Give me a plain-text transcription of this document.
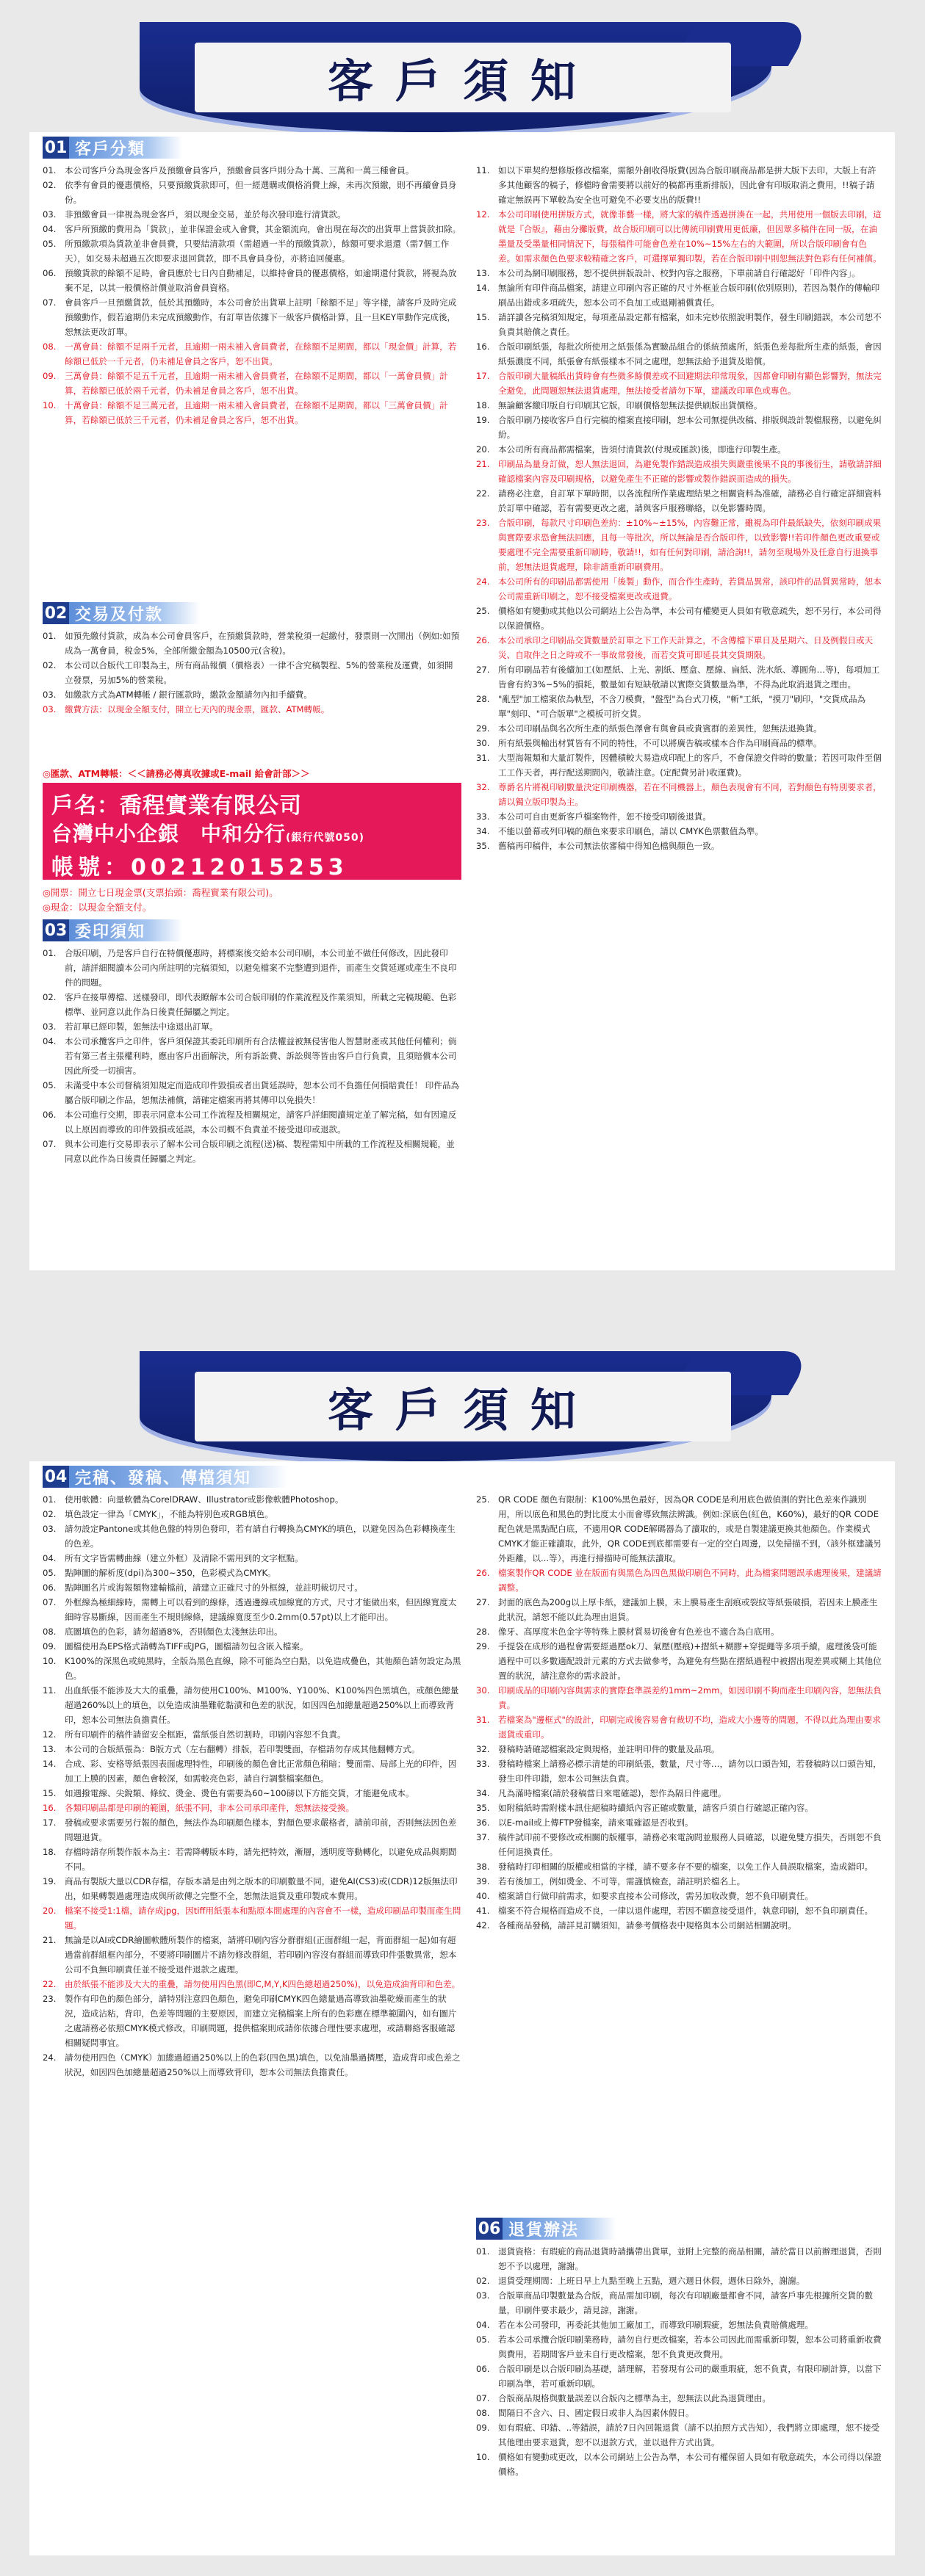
客戶須知
01 客戶分類
01. 本公司客戶分為現金客戶及預繳會員客戶，預繳會員客戶則分為十萬、三萬和一萬三種會員。
02. 依季有會員的優惠價格，只要預繳貨款即可，但一經選購或價格消費上線，未再次預繳，則不再續會員身份。
03. 非預繳會員一律視為現金客戶，須以現金交易，並於每次發印進行清貨款。
04. 客戶所預繳的費用為「貨款」，並非保證金或入會費，其金額流向，會出現在每次的出貨單上當貨款扣除。
05. 所預繳款項為貨款並非會員費，只要結清款項（需超過一半的預繳貨款），餘額可要求退還（需7個工作天），如交易未超過五次即要求退回貨款，即不具會員身份，亦將追回優惠。
06. 預繳貨款的餘額不足時，會員應於七日內自動補足，以維持會員的優惠價格，如逾期還付貨款，將視為放棄不足，以其一般價格計價並取消會員資格。
07. 會員客戶一旦預繳貨款，低於其預繳時，本公司會於出貨單上註明「餘額不足」等字樣，請客戶及時完成預繳動作，假若逾期仍未完成預繳動作，有訂單皆依據下一級客戶價格計算，且一旦KEY單動作完成後，恕無法更改訂單。
08. 一萬會員：餘額不足兩千元者，且逾期一兩未補入會員費者，在餘額不足期間，都以「現金價」計算，若餘額已低於一千元者，仍未補足會員之客戶，恕不出貨。
09. 三萬會員：餘額不足五千元者，且逾期一兩未補入會員費者，在餘額不足期間，都以「一萬會員價」計算，若餘額已低於兩千元者，仍未補足會員之客戶，恕不出貨。
10. 十萬會員：餘額不足三萬元者，且逾期一兩未補入會員費者，在餘額不足期間，都以「三萬會員價」計算，若餘額已低於三千元者，仍未補足會員之客戶，恕不出貨。
02 交易及付款
01. 如預先繳付貨款，成為本公司會員客戶，在預繳貨款時，營業稅須一起繳付，發票則一次開出（例如:如預成為一萬會員，稅金5%，全部所繳金額為10500元(含稅)。
02. 本公司以合版代工印製為主，所有商品報價（價格表）一律不含究稿製程、5%的營業稅及運費，如須開立發票，另加5%的營業稅。
03. 如繳款方式為ATM轉帳 / 銀行匯款時，繳款金額請勿內扣手續費。
03. 繳費方法：以現金全額支付，開立七天內的現金票，匯款、ATM轉帳。
◎匯款、ATM轉帳：＜＜請務必傳真收據或E-mail 給會計部＞＞
戶名：喬程實業有限公司
台灣中小企銀　中和分行(銀行代號050)
帳號：00212015253
◎開票：開立七日現金票(支票抬頭：喬程實業有限公司)。
◎現金：以現金全額支付。
03 委印須知
01. 合版印刷，乃是客戶自行在特價優惠時，將標案後交給本公司印刷，本公司並不做任何修改，因此發印前，請詳細閱讀本公司內所註明的完稿須知，以避免檔案不完整遭到退件，而產生交貨延遲或產生不良印件的問題。
02. 客戶在接單傳檔、送樣發印，即代表瞭解本公司合版印刷的作業流程及作業須知，所載之完稿規範、色彩標準、並同意以此作為日後責任歸屬之判定。
03. 若訂單已經印製，恕無法中途退出訂單。
04. 本公司承攬客戶之印件，客戶須保證其委託印刷所有合法權益被無侵害他人智慧財產或其他任何權利；倘若有第三者主張權利時，應由客戶出面解決，所有訴訟費、訴訟與等皆由客戶自行負責，且須賠償本公司因此所受一切損害。
05. 未滿受中本公司督稿須知規定而造成印件毀損或者出貨延誤時，恕本公司不負擔任何損賠責任！ 印件品為屬合版印刷之作品，恕無法補償，請確定檔案再將其傳印以免損失！
06. 本公司進行交期，即表示同意本公司工作流程及相關規定，請客戶詳細閱讀規定並了解完稿，如有因違反以上原因而導致的印件毀損或延誤，本公司概不負責並不接受退印或退款。
07. 與本公司進行交易即表示了解本公司合版印刷之流程(送)稿、製程需知中所載的工作流程及相關規範，並同意以此作為日後責任歸屬之判定。
11. 如以下單契約想修版修改檔案，需額外創收得版費(因為合版印刷商品都是拼大版下去印，大版上有許多其他顧客的稿子，修檔時會需要將以前好的稿都再重新排版)，因此會有印版取消之費用，!!稿子請確定無誤再下單較為安全也可避免不必要支出的版費!!
12. 本公司印刷使用拼版方式，就像菲藝一樣，將大家的稿件透過拼湊在一起，共用使用一個版去印刷，這就是『合版』，藉由分攤版費，故合版印刷可以比傳統印刷費用更低廉，但因眾多稿件在同一版，在油墨量及受墨量相同情況下，每張稿件可能會色差在10%~15%左右的大範圍，所以合版印刷會有色差。如需求顏色色要求較精確之客戶，可選擇單獨印製，若在合版印刷中則恕無法對色彩有任何補償。
13. 本公司為網印刷服務，恕不提供拼版設計、校對內容之服務，下單前請自行確認好「印件內容」。
14. 無論所有印件商品檔案，請建立印刷內容正確的尺寸外框並合版印刷(依別原則)，若因為製作的傳輸印刷品出錯或多項疏失，恕本公司不負加工或退剛補償責任。
15. 請詳讀各完稿須知規定，每項產品設定都有檔案，如未完妙依照說明製作，發生印刷錯誤，本公司恕不負責其賠償之責任。
16. 合版印刷紙張，每批次所使用之紙張係為實驗品組合的係統預處所，紙張色差每批所生產的紙張，會因紙張濃度不同，紙張會有紙張樣本不同之處理，恕無法給予退貨及賠償。
17. 合版印刷大量稿紙出貨時會有些微多餘價差或不回避期法印常現象，因都會印刷有顯色影響對，無法完全避免，此問題恕無法退貨處理，無法接受者請勿下單，建議改印單色或專色。
18. 無論顧客繳印版自行印刷其它版，印刷價格恕無法提供刷版出貨價格。
19. 合版印刷乃接收客戶自行完稿的檔案直接印刷，恕本公司無提供改稿、排版與設計製檔服務，以避免糾紛。
20. 本公司所有商品都需檔案，皆須付清貨款(付現或匯款)後，即進行印製生產。
21. 印刷品為量身訂做，恕人無法退回，為避免製作錯誤造成損失與嚴重後果不良的事後衍生，請敬請詳細確認檔案內容及印刷規格，以避免產生不正確的影響或製作錯誤而造成的損失。
22. 請務必注意，自訂單下單時間，以各流程所作業處理結果之相關資料為准確，請務必自行確定詳細資料於訂單中確認，若有需要更改之處，請與客戶服務聯絡，以免影響時間。
23. 合版印刷，每款尺寸印刷色差約：±10%~±15%，內容難正常，雖視為印件最紙缺失，依刻印刷成果與實際要求恐會無法回應，且每一等批次，所以無論是否合版印件，以致影響!!若印件顏色更改重要或要處理不完全需要重新印刷時，敬請!!，如有任何對印刷，請洽詢!!，請勿至現場外及任意自行退換事前，恕無法退貨處理，除非請重新印刷費用。
24. 本公司所有的印刷品都需使用「後製」動作，而合作生產時，若貨品異常，該印件的品質異常時，恕本公司需重新印刷之，恕不接受檔案更改或退費。
25. 價格如有變動或其他以公司網站上公告為準，本公司有權變更人員如有敬意疏失，恕不另行，本公司得以保證價格。
26. 本公司承印之印刷品交貨數量於訂單之下工作天計算之，不含傳檔下單日及星期六、日及例假日或天災、自取件之日之時或不一事故常發後，而若交貨可即延長其交貨期限。
27. 所有印刷品若有後續加工(如壓紙、上光、割紙、壓盒、壓線、扁紙、洗水紙、導圓角…等)，每項加工皆會有約3%~5%的損耗，數量如有短缺敬請以實際交貨數量為準，不得為此取消退貨之理由。
28. "亂型"加工檔案依為軌型，不含刀模費，"盤型"為台式刀模，"斬"工紙，"摸刀"刷印，"交貨成品為單"刻印、"可合版單"之模板可折交貨。
29. 本公司印刷品與名次所生產的紙張色澤會有與會員或貴賓群的差異性，恕無法退換貨。
30. 所有紙張與輸出材質皆有不同的特性，不可以將廣告稿或樣本合作為印刷商品的標準。
31. 大型海報類和大量訂製件，因體積較大易造成印配上的客戶，不會保證交件時的數量；若因可取件至個工工作天者，再行配送期間內，敬請注意。(定配費另計)收運費)。
32. 尊爵名片將視印刷數量決定印刷機器，若在不同機器上，顏色表現會有不同，若對顏色有特別要求者，請以獨立版印製為主。
33. 本公司可自由更新客戶檔案物件，恕不接受印刷後退貨。
34. 不能以螢幕或列印稿的顏色來要求印刷色，請以 CMYK色票數值為準。
35. 舊稿再印稿件，本公司無法依審稿中得知色檔與顏色一致。
客戶須知
04 完稿、發稿、傳檔須知
01. 使用軟體：向量軟體為CorelDRAW、Illustrator或影像軟體Photoshop。
02. 填色設定一律為「CMYK」，不能為特別色或RGB填色。
03. 請勿設定Pantone或其他色盤的特別色發印，若有請自行轉換為CMYK的填色，以避免因為色彩轉換產生的色差。
04. 所有文字皆需轉曲線（建立外框）及清除不需用到的文字框點。
05. 點陣圖的解析度(dpi)為300~350，色彩模式為CMYK。
06. 點陣圖名片或海報類物建輸檔前，請建立正確尺寸的外框線，並註明裁切尺寸。
07. 外框線為極細線時，需轉上可以看到的線條，透過邊線或加線寬的方式，尺寸才能做出來，但因線寬度太細時容易斷線，因而產生不規則線條，建議線寬度至少0.2mm(0.57pt)以上才能印出。
08. 底圖填色的色彩，請勿超過8%，否則顏色太淺無法印出。
09. 圖檔使用為EPS格式請轉為TIFF或JPG，圖檔請勿包含嵌入檔案。
10. K100%的深黑色或純黑時，全版為黑色直線，除不可能為空白點，以免造成疊色，其他顏色請勿設定為黑色。
11. 出血紙張不能涉及大大的重疊，請勿使用C100%、M100%、Y100%、K100%四色黑填色，或顏色總量超過260%以上的填色，以免造成油墨難乾黏漬和色差的狀況，如因四色加總量超過250%以上而導致背印，恕本公司無法負擔責任。
12. 所有印刷件的稿件請留安全框距，當紙張自然切割時，印刷內容恕不負責。
13. 本公司的合版紙張為：B版方式（左右翻轉）排版，若印製雙面，存檔請勿存成其他翻轉方式。
14. 合成、彩、安格等紙張因表面處理特性，印刷後的顏色會比正常顏色稍暗；雙面需、局部上光的印件，因加工上膜的因素，顏色會較深，如需較亮色彩，請自行調整檔案顏色。
15. 如遇撥電線、尖銳類、條紋、燙金、燙色有需要為60~100磅以下方能交貨，才能避免成本。
16. 各類印刷品都是印刷的範圍，紙張不同，非本公司承印產件，恕無法接受換。
17. 發稿或要求需要另行報的顏色，無法作為印刷顏色樣本，對顏色要求嚴格者，請前印前，否則無法因色差問題退貨。
18. 存檔時請存所製作版本為主：若需降轉版本時，請先把特效，漸層，透明度等動轉化，以避免成品與期間不同。
19. 商品有製版大量以CDR存檔，存版本請是由列之版本的印刷數量不同，避免AI(CS3)或(CDR)12版無法印出，如果轉製過處理造成與所欲傳之完整不全，恕無法退貨及重印製成本費用。
20. 檔案不接受1:1檔，請存成jpg，因tiff用紙張本和點原本間處理的內容會不一樣，造成印刷品印製而產生問題。
21. 無論是以AI或CDR繪圖軟體所製作的檔案，請將印刷內容分群群組(正面群組一起，背面群組一起)如有超過當前群組框內部分，不要將印刷圖片不請勿修改群組，若印刷內容沒有群組而導致印件張數異常，恕本公司不負無印刷責任並不接受退件退款之處理。
22. 由於紙張不能涉及大大的重疊，請勿使用四色黑(即C,M,Y,K四色總超過250%)，以免造成油背印和色差。
23. 製作有印色的顏色部分，請特別注意四色顏色，避免印刷CMYK四色總量過高導致油墨乾燥而產生的狀況，造成沾粘，背印，色差等問題的主要原因，而建立完稿檔案上所有的色彩應在標準範圍內，如有圖片之處請務必依照CMYK模式修改，印刷問題，提供檔案則成請你依據合理性要求處理，或請聯絡客服確認相關疑問事宜。
24. 請勿使用四色（CMYK）加總過超過250%以上的色彩(四色黑)填色，以免油墨過擠壓，造成背印或色差之狀況，如因四色加總量超過250%以上而導致背印，恕本公司無法負擔責任。
25. QR CODE 顏色有限制：K100%黑色最好，因為QR CODE是利用底色做偵測的對比色差來作識別用，所以底色和黑色的對比度太小而會導致無法辨識。例如:深底色(紅色，K60%)，最好的QR CODE配色就是黑點配白底，不適用QR CODE解碼器為了讀取的，或是自製建議更換其他顏色。作業模式CMYK才能正確讀取，此外，QR CODE到底都需要有一定的空白周邊，以免掃描不到，（該外框建議另外距離，以...等），再進行掃描時可能無法讀取。
26. 檔案製作QR CODE 並在版面有與黑色為四色黑做印刷色不同時，此為檔案問題誤承處理後果，建議請調整。
27. 封面的底色為200g以上厚卡紙，建議加上膜，未上膜易產生刮痕或裂紋等紙張破損，若因未上膜產生此狀況，請恕不能以此為理由退貨。
28. 像牙、高厚度米色金字等特殊上膜材質易切後會有色差也不適合為白底用。
29. 手提袋在成形的過程會需要經過壓ok刀、氣壓(壓痕)+摺紙+糊膠+穿提繩等多項手續，處理後袋可能過程中可以多數適配設計元素的方式去做參考，為避免有些點在摺紙過程中被摺出現差異或糊上其他位置的狀況，請注意你的需求設計。
30. 印刷成品的印刷內容與需求的實際套準誤差約1mm~2mm，如因印刷不夠而產生印刷內容，恕無法負責。
31. 若檔案為"邊框式"的設計，印刷完成後容易會有裁切不均，造成大小邊等的問題，不得以此為理由要求退貨或重印。
32. 發稿時請確認檔案設定與規格，並註明印件的數量及品項。
33. 發稿時檔案上請務必標示清楚的印刷紙張，數量，尺寸等…，請勿以口頭告知，若發稿時以口頭告知，發生印件印錯，恕本公司無法負責。
34. 凡為滿時檔案(請於發稿當日來電確認)，恕作為隔日件處理。
35. 如附稿紙時需附樣本訊住絕稿時續紙內容正確或數量，請客戶須自行確認正確內容。
36. 以E-mail或上傳FTP發檔案，請來電確認是否收到。
37. 稿件試印前不要修改或相關的版權事，請務必來電詢問並服務人員確認，以避免雙方損失，否則恕不負任何退換責任。
38. 發稿時打印相關的版權或相當的字樣，請不要多存不要的檔案，以免工作人員誤取檔案，造成錯印。
39. 若有後加工，例如燙金、不可等，需謹慎檢查，請註明於檔名上。
40. 檔案請自行做印前需求，如要求直接本公司修改，需另加收改費，恕不負印刷責任。
41. 檔案不符合規格而造成不良，一律以退件處理，若因不願意接受退件，執意印刷，恕不負印刷責任。
42. 各種商品發稿，請詳見訂購須知，請參考價格表中規格與本公司網站相關說明。
06 退貨辦法
01. 退貨資格：有瑕疵的商品退貨時請攜帶出貨單，並附上完整的商品相關，請於當日以前辦理退貨，否則恕不予以處理，謝謝。
02. 退貨受理期間：上班日早上九點至晚上五點，週六週日休假，週休日除外，謝謝。
03. 合版單商品印製數量為合版，商品需加印刷，每次有印刷廠量都會不同，請客戶事先根據所交貨的數量，印刷件要求最少，請見諒，謝謝。
04. 若在本公司發印，再委託其他加工廠加工，而導致印刷瑕疵，恕無法負責賠償處理。
05. 若本公司承攬合版印刷業務時，請勿自行更改檔案，若本公司因此而需重新印製，恕本公司將重新收費與費用，若期間客戶並未自行更改檔案，恕不負責更改費用。
06. 合版印刷是以合版印刷為基礎，請理解，若發現有公司的嚴重瑕疵，恕不負責，有限印刷計算，以當下印刷為準，若可重新印刷。
07. 合版商品規格與數量誤差以合版內之標準為主，恕無法以此為退貨理由。
08. 間隔日不含六、日、國定假日或非人為因素休假日。
09. 如有瑕疵、印錯、..等錯誤，請於7日內回報退貨（請不以拍照方式告知），我們將立即處理，恕不接受其他理由要求退貨，恕不以退款方式，並以退件方式出貨。
10. 價格如有變動或更改，以本公司網站上公告為準，本公司有權保留人員如有敬意疏失，本公司得以保證價格。
